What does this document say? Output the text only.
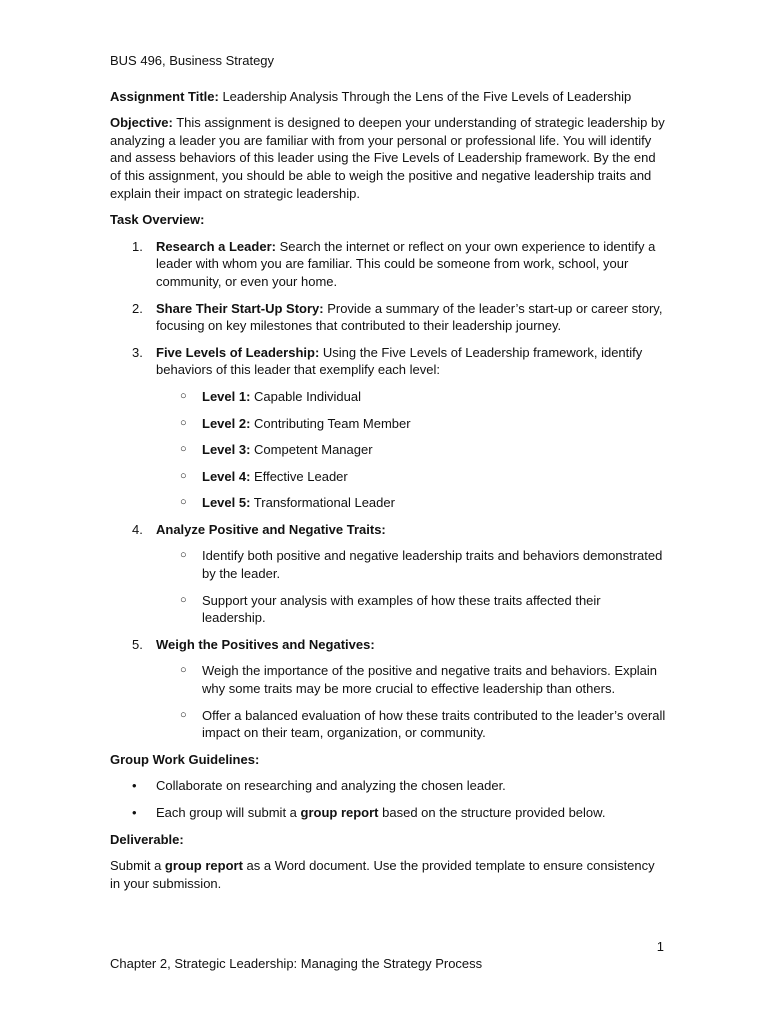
BUS 496, Business Strategy

Assignment Title: Leadership Analysis Through the Lens of the Five Levels of Leadership

Objective: This assignment is designed to deepen your understanding of strategic leadership by analyzing a leader you are familiar with from your personal or professional life. You will identify and assess behaviors of this leader using the Five Levels of Leadership framework. By the end of this assignment, you should be able to weigh the positive and negative leadership traits and explain their impact on strategic leadership.

Task Overview:

1. Research a Leader: Search the internet or reflect on your own experience to identify a leader with whom you are familiar. This could be someone from work, school, your community, or even your home.
2. Share Their Start-Up Story: Provide a summary of the leader’s start-up or career story, focusing on key milestones that contributed to their leadership journey.
3. Five Levels of Leadership: Using the Five Levels of Leadership framework, identify behaviors of this leader that exemplify each level:
○ Level 1: Capable Individual
○ Level 2: Contributing Team Member
○ Level 3: Competent Manager
○ Level 4: Effective Leader
○ Level 5: Transformational Leader
4. Analyze Positive and Negative Traits:
○ Identify both positive and negative leadership traits and behaviors demonstrated by the leader.
○ Support your analysis with examples of how these traits affected their leadership.
5. Weigh the Positives and Negatives:
○ Weigh the importance of the positive and negative traits and behaviors. Explain why some traits may be more crucial to effective leadership than others.
○ Offer a balanced evaluation of how these traits contributed to the leader’s overall impact on their team, organization, or community.

Group Work Guidelines:

• Collaborate on researching and analyzing the chosen leader.
• Each group will submit a group report based on the structure provided below.

Deliverable:

Submit a group report as a Word document. Use the provided template to ensure consistency in your submission.

1
Chapter 2, Strategic Leadership: Managing the Strategy Process
